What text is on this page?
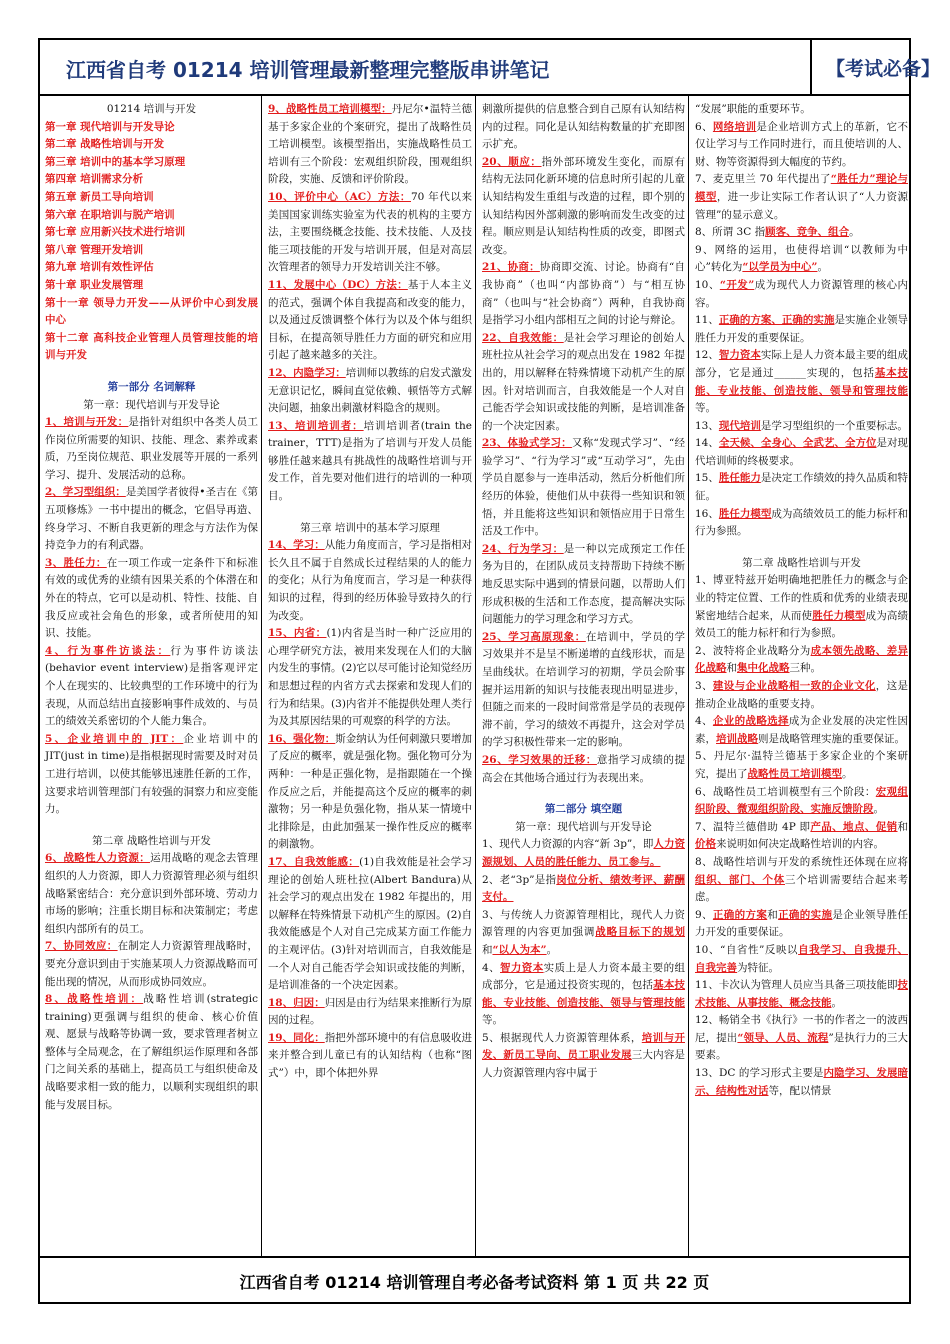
江西省自考 01214 培训管理最新整理完整版串讲笔记	【考试必备】

01214 培训与开发

第一章 现代培训与开发导论

第二章 战略性培训与开发

第三章 培训中的基本学习原理

第四章 培训需求分析

第五章 新员工导向培训

第六章 在职培训与脱产培训

第七章 应用新兴技术进行培训

第八章 管理开发培训

第九章 培训有效性评估

第十章 职业发展管理

第十一章 领导力开发——从评价中心到发展中心

第十二章 高科技企业管理人员管理技能的培训与开发

第一部分 名词解释

第一章：现代培训与开发导论

1、培训与开发：是指针对组织中各类人员工作岗位所需要的知识、技能、理念、素养或素质，乃至岗位规范、职业发展等开展的一系列学习、提升、发展活动的总称。

2、学习型组织：是美国学者彼得•圣吉在《第五项修炼》一书中提出的概念，它倡导再造、终身学习、不断自我更新的理念与方法作为保持竞争力的有利武器。

3、胜任力：在一项工作或一定条件下和标准有效的或优秀的业绩有因果关系的个体潜在和外在的特点，它可以是动机、特性、技能、自我反应或社会角色的形象，或者所使用的知识、技能。

4、行为事件访谈法：行为事件访谈法(behavior event interview)是指客观评定个人在现实的、比较典型的工作环境中的行为表现，从而总结出直接影响事件成效的、与员工的绩效关系密切的个人能力集合。

5、企业培训中的 JIT：企业培训中的 JIT(just in time)是指根据现时需要及时对员工进行培训，以使其能够迅速胜任新的工作，这要求培训管理部门有较强的洞察力和应变能力。

第二章 战略性培训与开发

6、战略性人力资源：运用战略的观念去管理组织的人力资源，即人力资源管理必须与组织战略紧密结合：充分意识到外部环境、劳动力市场的影响；注重长期目标和决策制定；考虑组织内部所有的员工。

7、协同效应：在制定人力资源管理战略时，要充分意识到由于实施某项人力资源战略而可能出现的情况，从而形成协同效应。

8、战略性培训：战略性培训(strategic training)更强调与组织的使命、核心价值观、愿景与战略等协调一致，要求管理者树立整体与全局观念，在了解组织运作原理和各部门之间关系的基础上，提高员工与组织使命及战略要求相一致的能力，以顺利实现组织的职能与发展目标。

9、战略性员工培训模型：丹尼尔•温特兰德基于多家企业的个案研究，提出了战略性员工培训模型。该模型指出，实施战略性员工培训有三个阶段：宏观组织阶段，围观组织阶段，实施、反馈和评价阶段。

10、评价中心（AC）方法：70 年代以来美国国家训练实验室为代表的机构的主要方法，主要围绕概念技能、技术技能、人及技能三项技能的开发与培训开展，但是对高层次管理者的领导力开发培训关注不够。

11、发展中心（DC）方法：基于人本主义的范式，强调个体自我提高和改变的能力，以及通过反馈调整个体行为以及个体与组织目标，在提高领导胜任力方面的研究和应用引起了越来越多的关注。

12、内隐学习：培训师以教练的启发式激发无意识记忆，瞬间直觉依赖、顿悟等方式解决问题，抽象出刺激材料隐含的规则。

13、培训培训者：培训培训者(train the trainer，TTT)是指为了培训与开发人员能够胜任越来越具有挑战性的战略性培训与开发工作，首先要对他们进行的培训的一种项目。

第三章 培训中的基本学习原理

14、学习：从能力角度而言，学习是指相对长久且不属于自然成长过程结果的人的能力的变化；从行为角度而言，学习是一种获得知识的过程，得到的经历体验导致持久的行为改变。

15、内省：(1)内省是当时一种广泛应用的心理学研究方法，被用来发现在人们的大脑内发生的事情。(2)它以尽可能讨论知觉经历和思想过程的内省方式去探索和发现人们的行为和结果。(3)内省并不能提供处理人类行为及其原因结果的可观察的科学的方法。

16、强化物：斯金纳认为任何刺激只要增加了反应的概率，就是强化物。强化物可分为两种：一种是正强化物，是指跟随在一个操作反应之后，并能提高这个反应的概率的刺激物；另一种是负强化物，指从某一情境中北排除是，由此加强某一操作性反应的概率的刺激物。

17、自我效能感：(1)自我效能是社会学习理论的创始人班杜拉(Albert Bandura)从社会学习的观点出发在 1982 年提出的，用以解释在特殊情景下动机产生的原因。(2)自我效能感是个人对自己完成某方面工作能力的主观评估。(3)针对培训而言，自我效能是一个人对自己能否学会知识或技能的判断，是培训准备的一个决定因素。

18、归因：归因是由行为结果来推断行为原因的过程。

19、同化：指把外部环境中的有信息吸收进来并整合到儿童已有的认知结构（也称“图式”）中，即个体把外界

刺激所提供的信息整合到自己原有认知结构内的过程。同化是认知结构数量的扩充即图示扩充。

20、顺应：指外部环境发生变化，而原有结构无法同化新环境的信息时所引起的儿童认知结构发生重组与改造的过程，即个别的认知结构因外部刺激的影响而发生改变的过程。顺应则是认知结构性质的改变，即图式改变。

21、协商：协商即交流、讨论。协商有“自我协商”（也叫“内部协商”）与“相互协商”（也叫与“社会协商”）两种，自我协商是指学习小组内部相互之间的讨论与辩论。

22、自我效能：是社会学习理论的创始人班杜拉从社会学习的观点出发在 1982 年提出的，用以解释在特殊情境下动机产生的原因。针对培训而言，自我效能是一个人对自己能否学会知识或技能的判断，是培训准备的一个决定因素。

23、体验式学习：又称“发现式学习”、“经验学习”、“行为学习”或“互动学习”，先由学员自愿参与一连串活动，然后分析他们所经历的体验，使他们从中获得一些知识和领悟，并且能将这些知识和领悟应用于日常生活及工作中。

24、行为学习：是一种以完成预定工作任务为目的，在团队成员支持帮助下持续不断地反思实际中遇到的情景问题，以帮助人们形成积极的生活和工作态度，提高解决实际问题能力的学习理念和学习方式。

25、学习高原现象：在培训中，学员的学习效果并不是呈不断递增的直线形状，而是呈曲线状。在培训学习的初期，学员会阶事握并运用新的知识与技能表现出明显进步，但随之而来的一段时间常常是学员的表现停滞不前，学习的绩效不再提升，这会对学员的学习积极性带来一定的影响。

26、学习效果的迁移：意指学习成绩的提高会在其他场合通过行为表现出来。

第二部分 填空题

第一章：现代培训与开发导论

1、现代人力资源的内容“新 3p”，即人力资源规划、人员的胜任能力、员工参与。

2、老“3p”是指岗位分析、绩效考评、薪酬支付。

3、与传统人力资源管理相比，现代人力资源管理的内容更加强调战略目标下的规划和“以人为本”。

4、智力资本实质上是人力资本最主要的组成部分，它是通过投资实现的，包括基本技能、专业技能、创造技能、领导与管理技能等。

5、根据现代人力资源管理体系，培训与开发、新员工导向、员工职业发展三大内容是人力资源管理内容中属于

“发展”职能的重要环节。

6、网络培训是企业培训方式上的革新，它不仅让学习与工作同时进行，而且使培训的人、财、物等资源得到大幅度的节约。

7、麦克里兰 70 年代提出了“胜任力”理论与模型，进一步让实际工作者认识了“人力资源管理”的显示意义。

8、所谓 3C 指顾客、竞争、组合。

9、网络的运用，也使得培训“以教师为中心”转化为“以学员为中心”。

10、“开发”成为现代人力资源管理的核心内容。

11、正确的方案、正确的实施是实施企业领导胜任力开发的重要保证。

12、智力资本实际上是人力资本最主要的组成部分，它是通过______实现的，包括基本技能、专业技能、创造技能、领导和管理技能等。

13、现代培训是学习型组织的一个重要标志。

14、全天候、全身心、全武艺、全方位是对现代培训师的终极要求。

15、胜任能力是决定工作绩效的持久品质和特征。

16、胜任力模型成为高绩效员工的能力标杆和行为参照。

第二章 战略性培训与开发

1、博亚特兹开始明确地把胜任力的概念与企业的特定位置、工作的性质和优秀的业绩表现紧密地结合起来，从而使胜任力模型成为高绩效员工的能力标杆和行为参照。

2、波特将企业战略分为成本领先战略、差异化战略和集中化战略三种。

3、建设与企业战略相一致的企业文化，这是推动企业战略的重要支持。

4、企业的战略选择成为企业发展的决定性因素，培训战略则是战略管理实施的重要保证。

5、丹尼尔·温特兰德基于多家企业的个案研究，提出了战略性员工培训模型。

6、战略性员工培训模型有三个阶段：宏观组织阶段、微观组织阶段、实施反馈阶段。

7、温特兰德借助 4P 即产品、地点、促销和价格来说明如何决定战略性培训的内容。

8、战略性培训与开发的系统性还体现在应将组织、部门、个体三个培训需要结合起来考虑。

9、正确的方案和正确的实施是企业领导胜任力开发的重要保证。

10、“自省性”反映以自我学习、自我提升、自我完善为特征。

11、卡次认为管理人员应当具备三项技能即技术技能、从事技能、概念技能。

12、畅销全书《执行》一书的作者之一的波西尼，提出“领导、人员、流程”是执行力的三大要素。

13、DC 的学习形式主要是内隐学习、发展暗示、结构性对话等，配以情景

江西省自考 01214 培训管理自考必备考试资料 第 1 页 共 22 页
